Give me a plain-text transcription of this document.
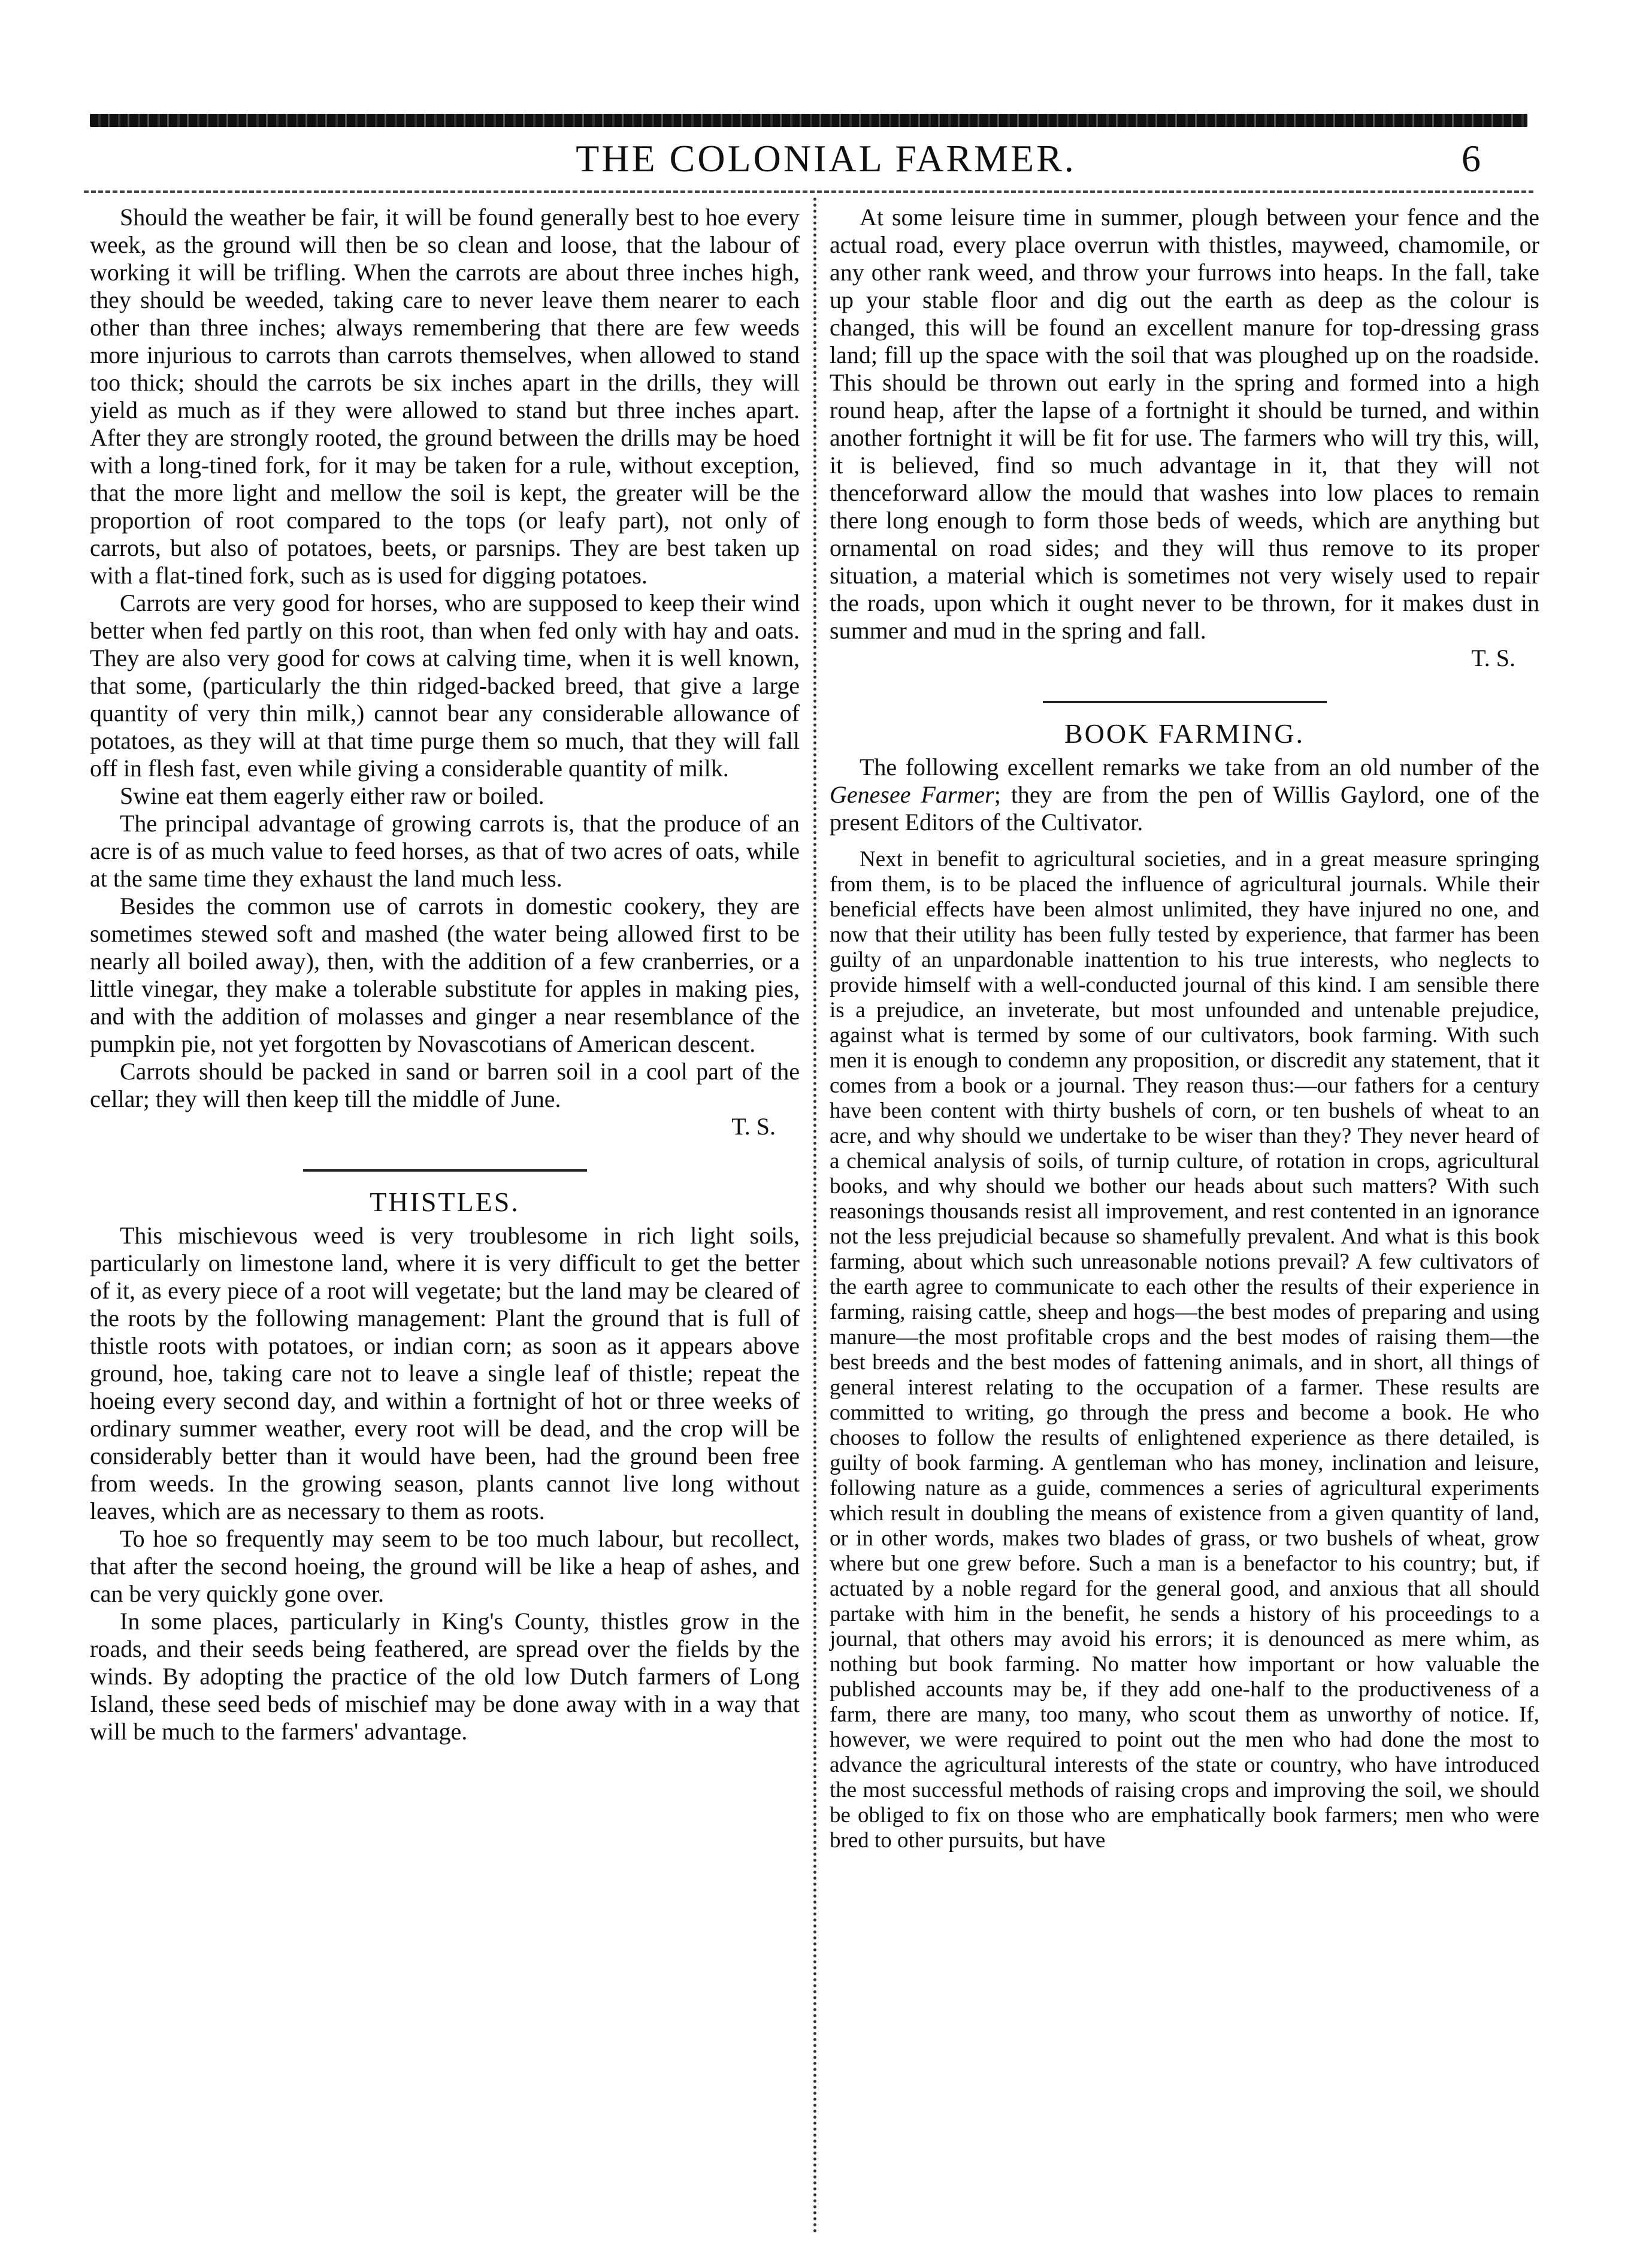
THE COLONIAL FARMER.	6

Should the weather be fair, it will be found generally best to hoe every week, as the ground will then be so clean and loose, that the labour of working it will be trifling. When the carrots are about three inches high, they should be weeded, taking care to never leave them nearer to each other than three inches; always remembering that there are few weeds more injurious to carrots than carrots themselves, when allowed to stand too thick; should the carrots be six inches apart in the drills, they will yield as much as if they were allowed to stand but three inches apart. After they are strongly rooted, the ground between the drills may be hoed with a long-tined fork, for it may be taken for a rule, without exception, that the more light and mellow the soil is kept, the greater will be the proportion of root compared to the tops (or leafy part), not only of carrots, but also of potatoes, beets, or parsnips. They are best taken up with a flat-tined fork, such as is used for digging potatoes.

Carrots are very good for horses, who are supposed to keep their wind better when fed partly on this root, than when fed only with hay and oats. They are also very good for cows at calving time, when it is well known, that some, (particularly the thin ridged-backed breed, that give a large quantity of very thin milk,) cannot bear any considerable allowance of potatoes, as they will at that time purge them so much, that they will fall off in flesh fast, even while giving a considerable quantity of milk.

Swine eat them eagerly either raw or boiled.

The principal advantage of growing carrots is, that the produce of an acre is of as much value to feed horses, as that of two acres of oats, while at the same time they exhaust the land much less.

Besides the common use of carrots in domestic cookery, they are sometimes stewed soft and mashed (the water being allowed first to be nearly all boiled away), then, with the addition of a few cranberries, or a little vinegar, they make a tolerable substitute for apples in making pies, and with the addition of molasses and ginger a near resemblance of the pumpkin pie, not yet forgotten by Novascotians of American descent.

Carrots should be packed in sand or barren soil in a cool part of the cellar; they will then keep till the middle of June.

T. S.

THISTLES.

This mischievous weed is very troublesome in rich light soils, particularly on limestone land, where it is very difficult to get the better of it, as every piece of a root will vegetate; but the land may be cleared of the roots by the following management: Plant the ground that is full of thistle roots with potatoes, or indian corn; as soon as it appears above ground, hoe, taking care not to leave a single leaf of thistle; repeat the hoeing every second day, and within a fortnight of hot or three weeks of ordinary summer weather, every root will be dead, and the crop will be considerably better than it would have been, had the ground been free from weeds. In the growing season, plants cannot live long without leaves, which are as necessary to them as roots.

To hoe so frequently may seem to be too much labour, but recollect, that after the second hoeing, the ground will be like a heap of ashes, and can be very quickly gone over.

In some places, particularly in King's County, thistles grow in the roads, and their seeds being feathered, are spread over the fields by the winds. By adopting the practice of the old low Dutch farmers of Long Island, these seed beds of mischief may be done away with in a way that will be much to the farmers' advantage.

At some leisure time in summer, plough between your fence and the actual road, every place overrun with thistles, mayweed, chamomile, or any other rank weed, and throw your furrows into heaps. In the fall, take up your stable floor and dig out the earth as deep as the colour is changed, this will be found an excellent manure for top-dressing grass land; fill up the space with the soil that was ploughed up on the roadside. This should be thrown out early in the spring and formed into a high round heap, after the lapse of a fortnight it should be turned, and within another fortnight it will be fit for use. The farmers who will try this, will, it is believed, find so much advantage in it, that they will not thenceforward allow the mould that washes into low places to remain there long enough to form those beds of weeds, which are anything but ornamental on road sides; and they will thus remove to its proper situation, a material which is sometimes not very wisely used to repair the roads, upon which it ought never to be thrown, for it makes dust in summer and mud in the spring and fall.

T. S.

BOOK FARMING.

The following excellent remarks we take from an old number of the Genesee Farmer; they are from the pen of Willis Gaylord, one of the present Editors of the Cultivator.

Next in benefit to agricultural societies, and in a great measure springing from them, is to be placed the influence of agricultural journals. While their beneficial effects have been almost unlimited, they have injured no one, and now that their utility has been fully tested by experience, that farmer has been guilty of an unpardonable inattention to his true interests, who neglects to provide himself with a well-conducted journal of this kind. I am sensible there is a prejudice, an inveterate, but most unfounded and untenable prejudice, against what is termed by some of our cultivators, book farming. With such men it is enough to condemn any proposition, or discredit any statement, that it comes from a book or a journal. They reason thus:—our fathers for a century have been content with thirty bushels of corn, or ten bushels of wheat to an acre, and why should we undertake to be wiser than they? They never heard of a chemical analysis of soils, of turnip culture, of rotation in crops, agricultural books, and why should we bother our heads about such matters? With such reasonings thousands resist all improvement, and rest contented in an ignorance not the less prejudicial because so shamefully prevalent. And what is this book farming, about which such unreasonable notions prevail? A few cultivators of the earth agree to communicate to each other the results of their experience in farming, raising cattle, sheep and hogs—the best modes of preparing and using manure—the most profitable crops and the best modes of raising them—the best breeds and the best modes of fattening animals, and in short, all things of general interest relating to the occupation of a farmer. These results are committed to writing, go through the press and become a book. He who chooses to follow the results of enlightened experience as there detailed, is guilty of book farming. A gentleman who has money, inclination and leisure, following nature as a guide, commences a series of agricultural experiments which result in doubling the means of existence from a given quantity of land, or in other words, makes two blades of grass, or two bushels of wheat, grow where but one grew before. Such a man is a benefactor to his country; but, if actuated by a noble regard for the general good, and anxious that all should partake with him in the benefit, he sends a history of his proceedings to a journal, that others may avoid his errors; it is denounced as mere whim, as nothing but book farming. No matter how important or how valuable the published accounts may be, if they add one-half to the productiveness of a farm, there are many, too many, who scout them as unworthy of notice. If, however, we were required to point out the men who had done the most to advance the agricultural interests of the state or country, who have introduced the most successful methods of raising crops and improving the soil, we should be obliged to fix on those who are emphatically book farmers; men who were bred to other pursuits, but have
